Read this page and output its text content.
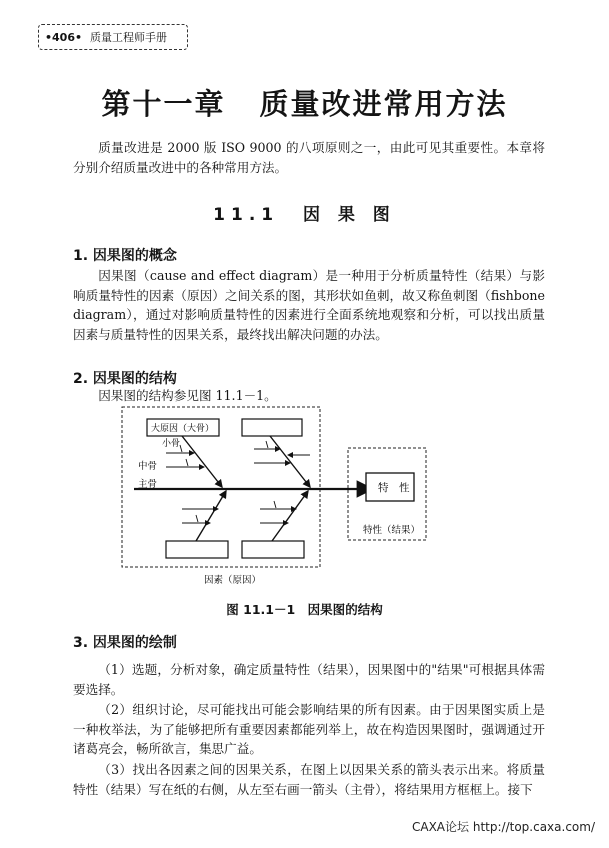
•406• 质量工程师手册
第十一章 质量改进常用方法
质量改进是 2000 版 ISO 9000 的八项原则之一，由此可见其重要性。本章将分别介绍质量改进中的各种常用方法。
11.1 因 果 图
1. 因果图的概念
因果图（cause and effect diagram）是一种用于分析质量特性（结果）与影响质量特性的因素（原因）之间关系的图，其形状如鱼刺，故又称鱼刺图（fishbone diagram），通过对影响质量特性的因素进行全面系统地观察和分析，可以找出质量因素与质量特性的因果关系，最终找出解决问题的办法。
2. 因果图的结构
因果图的结构参见图 11.1－1。
大原因（大骨）
小骨
中骨
主骨	特　性
特性（结果）
因素（原因）
图 11.1－1　因果图的结构
3. 因果图的绘制
（1）选题，分析对象，确定质量特性（结果），因果图中的"结果"可根据具体需要选择。
（2）组织讨论，尽可能找出可能会影响结果的所有因素。由于因果图实质上是一种枚举法，为了能够把所有重要因素都能列举上，故在构造因果图时，强调通过开诸葛亮会，畅所欲言，集思广益。
（3）找出各因素之间的因果关系，在图上以因果关系的箭头表示出来。将质量特性（结果）写在纸的右侧，从左至右画一箭头（主骨），将结果用方框框上。接下
CAXA论坛 http://top.caxa.com/
